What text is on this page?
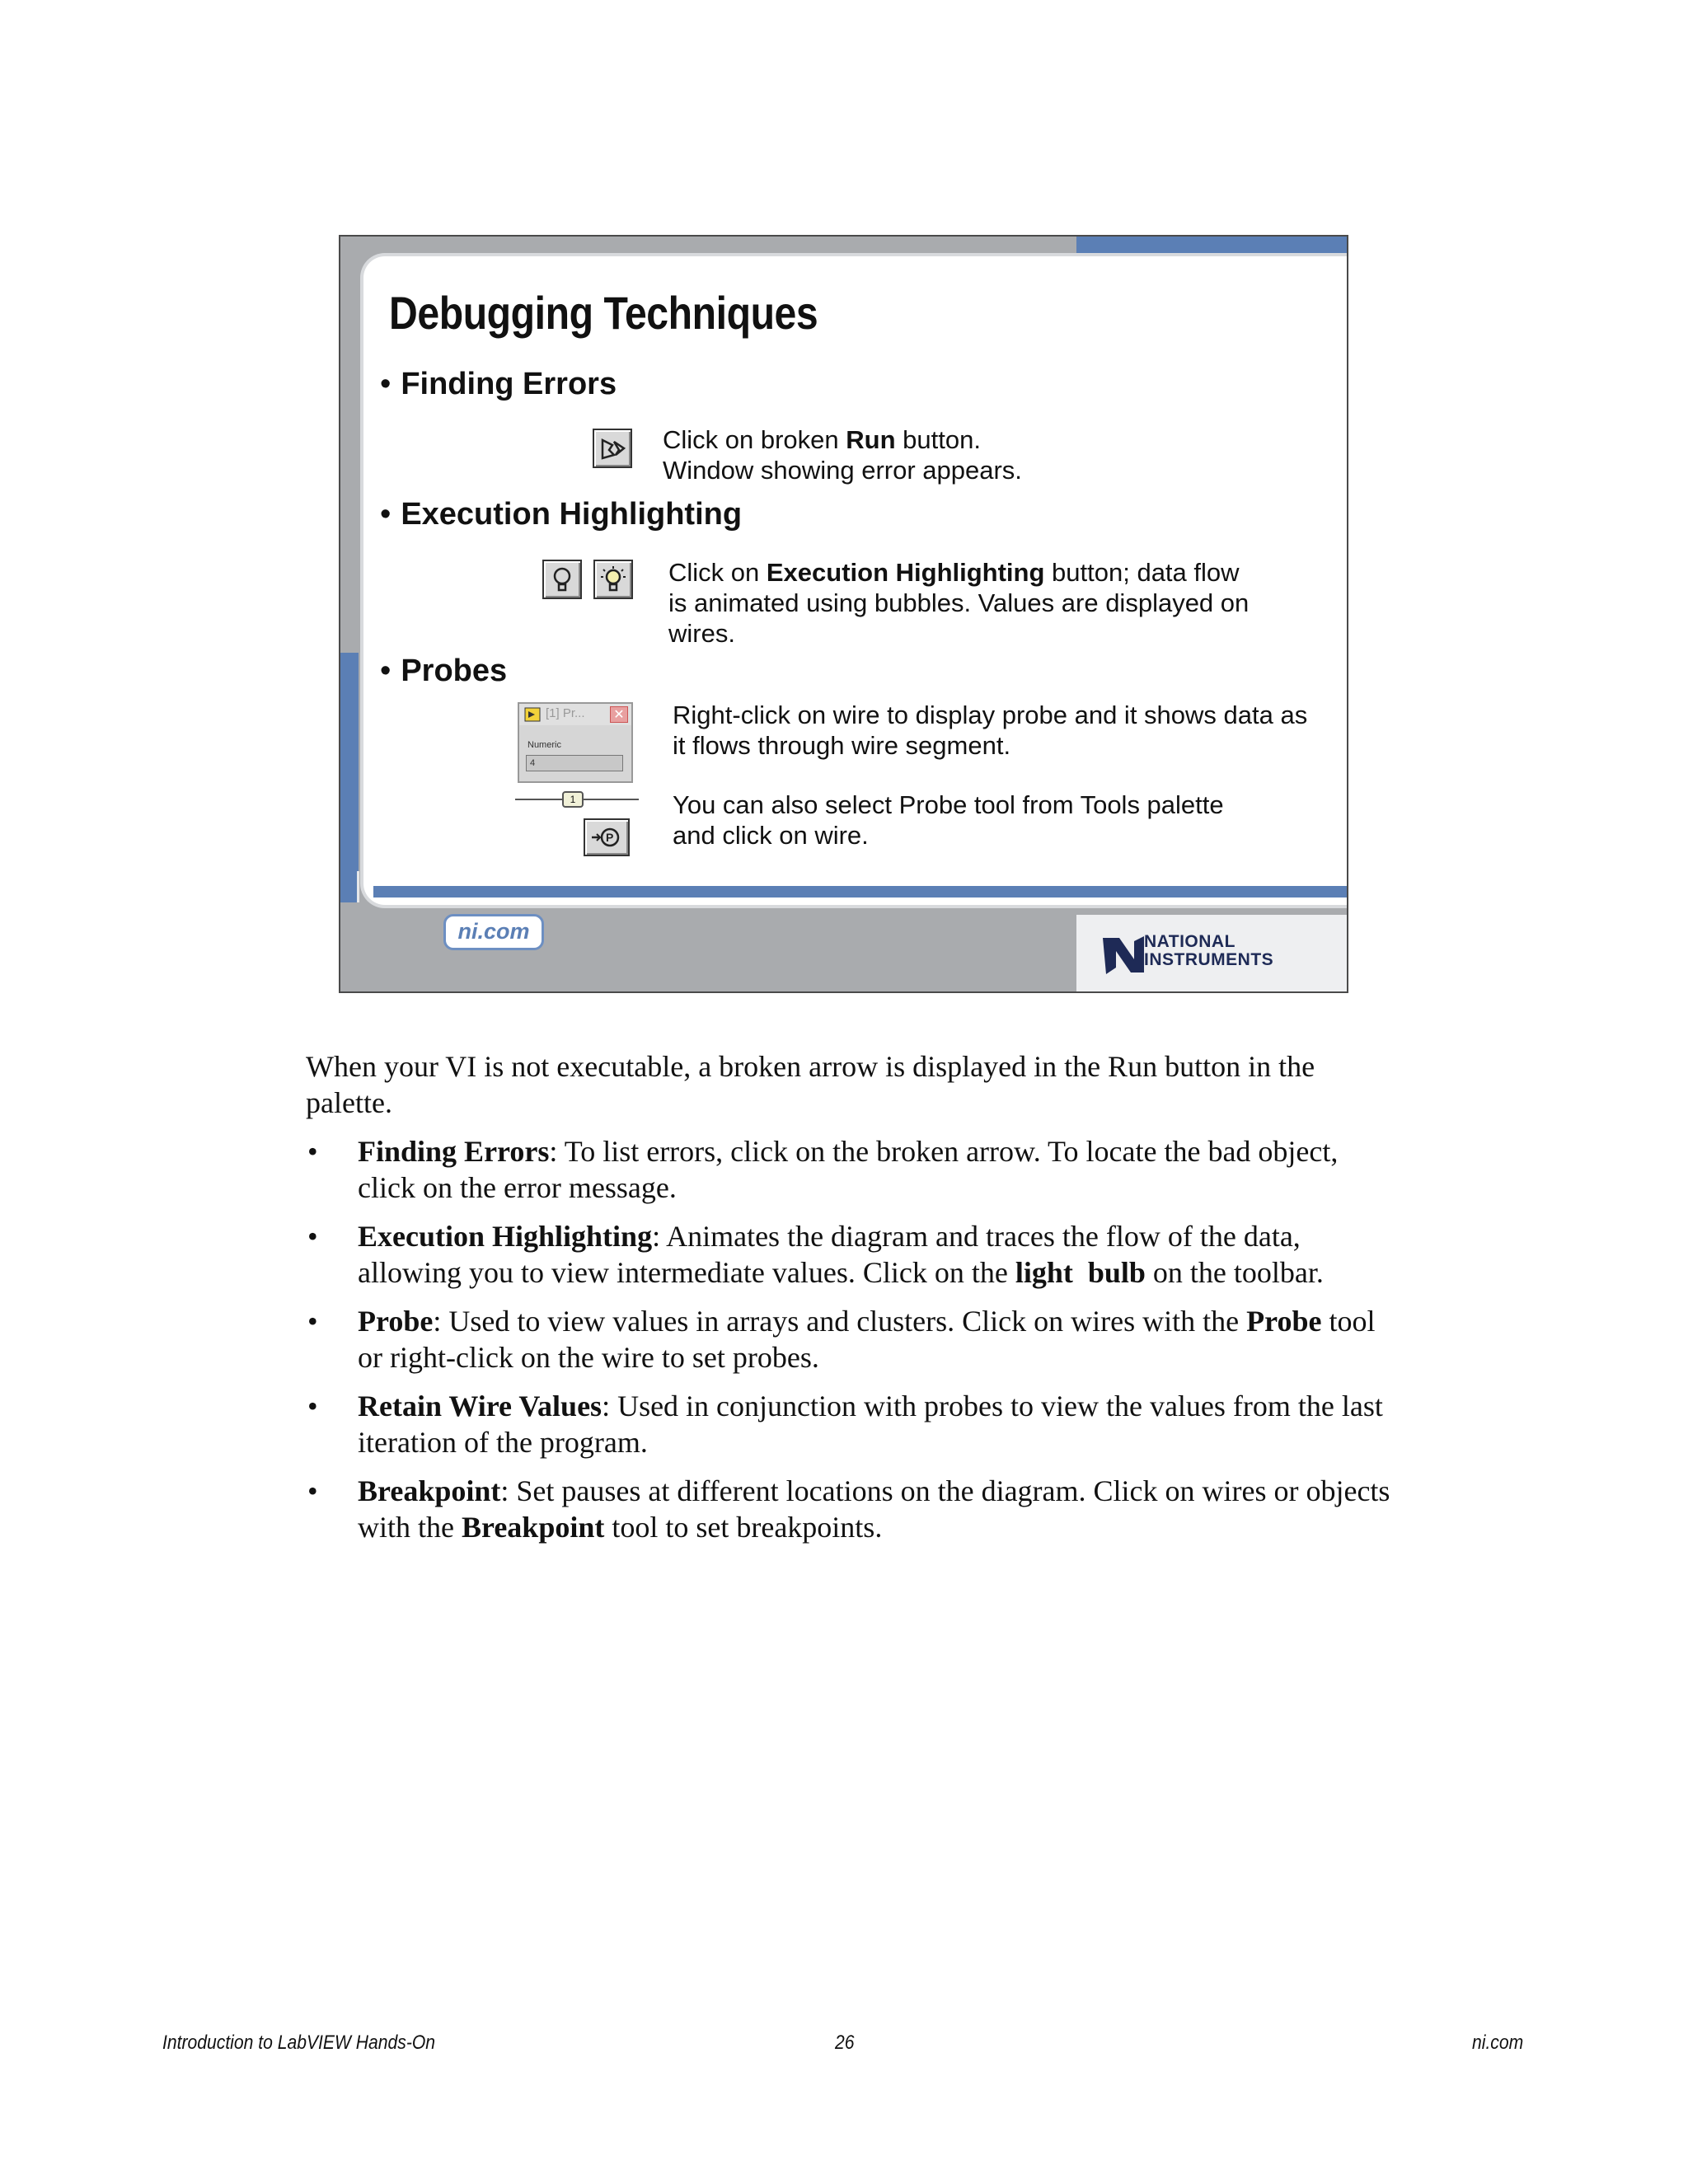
ni.com	NATIONAL
INSTRUMENTS
Debugging Techniques
• Finding Errors
Click on broken Run button.
Window showing error appears.
• Execution Highlighting
Click on Execution Highlighting button; data flow is animated using bubbles. Values are displayed on wires.
• Probes
[1] Pr... ✕
Numeric
4
1
P
Right-click on wire to display probe and it shows data as it flows through wire segment.
You can also select Probe tool from Tools palette and click on wire.

When your VI is not executable, a broken arrow is displayed in the Run button in the palette.

• Finding Errors: To list errors, click on the broken arrow. To locate the bad object, click on the error message.
• Execution Highlighting: Animates the diagram and traces the flow of the data, allowing you to view intermediate values. Click on the light  bulb on the toolbar.
• Probe: Used to view values in arrays and clusters. Click on wires with the Probe tool or right-click on the wire to set probes.
• Retain Wire Values: Used in conjunction with probes to view the values from the last iteration of the program.
• Breakpoint: Set pauses at different locations on the diagram. Click on wires or objects with the Breakpoint tool to set breakpoints.
Introduction to LabVIEW Hands-On	26	ni.com
